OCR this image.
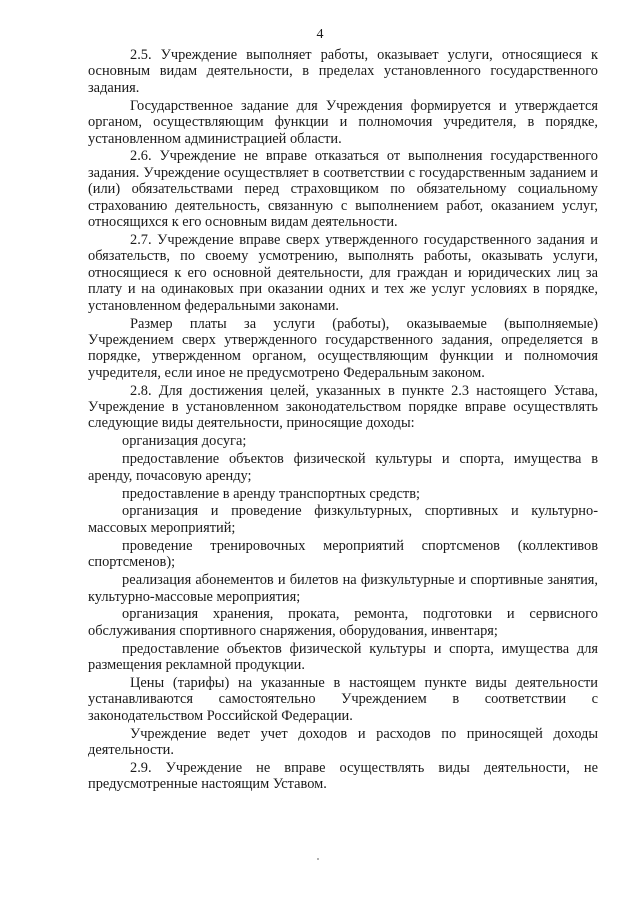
4

2.5. Учреждение выполняет работы, оказывает услуги, относящиеся к основным видам деятельности, в пределах установленного государственного задания.

Государственное задание для Учреждения формируется и утверждается органом, осуществляющим функции и полномочия учредителя, в порядке, установленном администрацией области.

2.6. Учреждение не вправе отказаться от выполнения государственного задания. Учреждение осуществляет в соответствии с государственным заданием и (или) обязательствами перед страховщиком по обязательному социальному страхованию деятельность, связанную с выполнением работ, оказанием услуг, относящихся к его основным видам деятельности.

2.7. Учреждение вправе сверх утвержденного государственного задания и обязательств, по своему усмотрению, выполнять работы, оказывать услуги, относящиеся к его основной деятельности, для граждан и юридических лиц за плату и на одинаковых при оказании одних и тех же услуг условиях в порядке, установленном федеральными законами.

Размер платы за услуги (работы), оказываемые (выполняемые) Учреждением сверх утвержденного государственного задания, определяется в порядке, утвержденном органом, осуществляющим функции и полномочия учредителя, если иное не предусмотрено Федеральным законом.

2.8. Для достижения целей, указанных в пункте 2.3 настоящего Устава, Учреждение в установленном законодательством порядке вправе осуществлять следующие виды деятельности, приносящие доходы:

организация досуга;

предоставление объектов физической культуры и спорта, имущества в аренду, почасовую аренду;

предоставление в аренду транспортных средств;

организация и проведение физкультурных, спортивных и культурно-массовых мероприятий;

проведение тренировочных мероприятий спортсменов (коллективов спортсменов);

реализация абонементов и билетов на физкультурные и спортивные занятия, культурно-массовые мероприятия;

организация хранения, проката, ремонта, подготовки и сервисного обслуживания спортивного снаряжения, оборудования, инвентаря;

предоставление объектов физической культуры и спорта, имущества для размещения рекламной продукции.

Цены (тарифы) на указанные в настоящем пункте виды деятельности устанавливаются самостоятельно Учреждением в соответствии с законодательством Российской Федерации.

Учреждение ведет учет доходов и расходов по приносящей доходы деятельности.

2.9. Учреждение не вправе осуществлять виды деятельности, не предусмотренные настоящим Уставом.
